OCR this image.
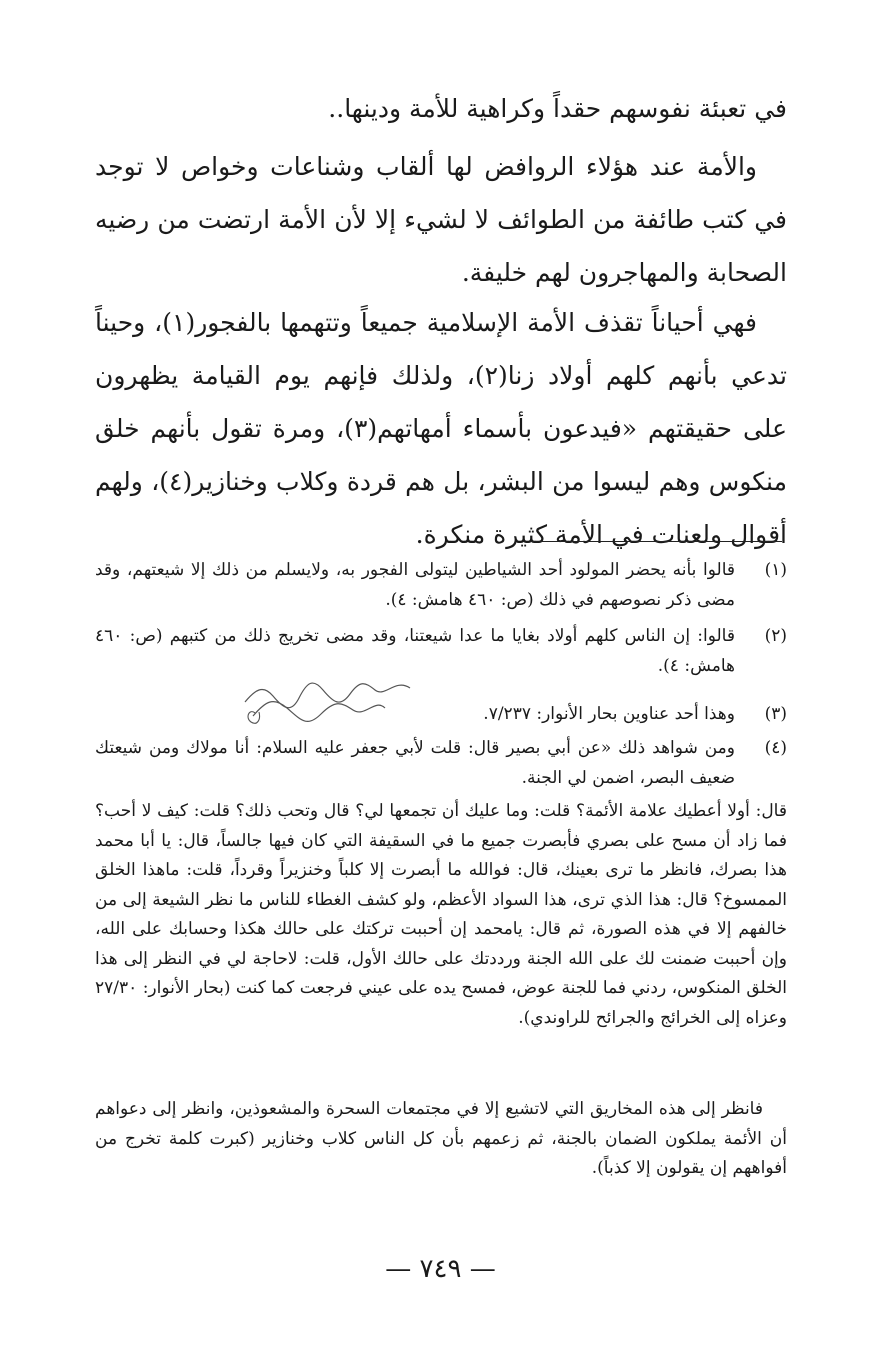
في تعبئة نفوسهم حقداً وكراهية للأمة ودينها..

والأمة عند هؤلاء الروافض لها ألقاب وشناعات وخواص لا توجد في كتب طائفة من الطوائف لا لشيء إلا لأن الأمة ارتضت من رضيه الصحابة والمهاجرون لهم خليفة.

فهي أحياناً تقذف الأمة الإسلامية جميعاً وتتهمها بالفجور(١)، وحيناً تدعي بأنهم كلهم أولاد زنا(٢)، ولذلك فإنهم يوم القيامة يظهرون على حقيقتهم «فيدعون بأسماء أمهاتهم(٣)، ومرة تقول بأنهم خلق منكوس وهم ليسوا من البشر، بل هم قردة وكلاب وخنازير(٤)، ولهم أقوال ولعنات في الأمة كثيرة منكرة.

(١)
قالوا بأنه يحضر المولود أحد الشياطين ليتولى الفجور به، ولايسلم من ذلك إلا شيعتهم، وقد مضى ذكر نصوصهم في ذلك (ص: ٤٦٠ هامش: ٤).
(٢)
قالوا: إن الناس كلهم أولاد بغايا ما عدا شيعتنا، وقد مضى تخريج ذلك من كتبهم (ص: ٤٦٠ هامش: ٤).
(٣)
وهذا أحد عناوين بحار الأنوار: ٧/٢٣٧.
(٤)
ومن شواهد ذلك «عن أبي بصير قال: قلت لأبي جعفر عليه السلام: أنا مولاك ومن شيعتك ضعيف البصر، اضمن لي الجنة.

قال: أولا أعطيك علامة الأئمة؟ قلت: وما عليك أن تجمعها لي؟ قال وتحب ذلك؟ قلت: كيف لا أحب؟ فما زاد أن مسح على بصري فأبصرت جميع ما في السقيفة التي كان فيها جالساً، قال: يا أبا محمد هذا بصرك، فانظر ما ترى بعينك، قال: فوالله ما أبصرت إلا كلباً وخنزيراً وقرداً، قلت: ماهذا الخلق الممسوخ؟ قال: هذا الذي ترى، هذا السواد الأعظم، ولو كشف الغطاء للناس ما نظر الشيعة إلى من خالفهم إلا في هذه الصورة، ثم قال: يامحمد إن أحببت تركتك على حالك هكذا وحسابك على الله، وإن أحببت ضمنت لك على الله الجنة ورددتك على حالك الأول، قلت: لاحاجة لي في النظر إلى هذا الخلق المنكوس، ردني فما للجنة عوض، فمسح يده على عيني فرجعت كما كنت (بحار الأنوار: ٢٧/٣٠ وعزاه إلى الخرائج والجرائح للراوندي).

فانظر إلى هذه المخاريق التي لاتشيع إلا في مجتمعات السحرة والمشعوذين، وانظر إلى دعواهم أن الأئمة يملكون الضمان بالجنة، ثم زعمهم بأن كل الناس كلاب وخنازير (كبرت كلمة تخرج من أفواههم إن يقولون إلا كذباً).

— ٧٤٩ —
